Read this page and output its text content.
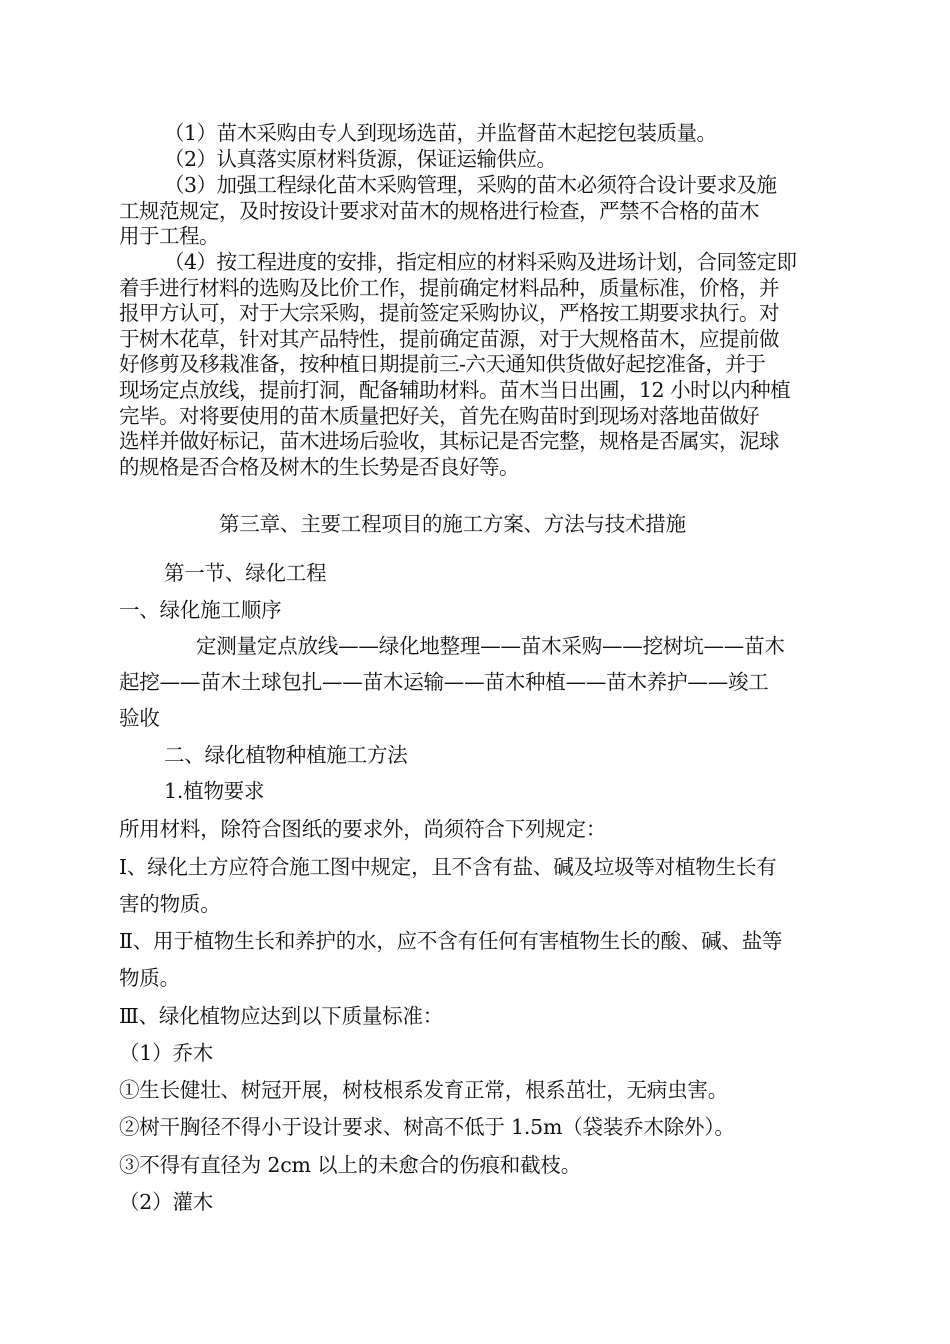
（1）苗木采购由专人到现场选苗，并监督苗木起挖包装质量。
（2）认真落实原材料货源，保证运输供应。
（3）加强工程绿化苗木采购管理，采购的苗木必须符合设计要求及施
工规范规定，及时按设计要求对苗木的规格进行检查，严禁不合格的苗木
用于工程。
（4）按工程进度的安排，指定相应的材料采购及进场计划，合同签定即
着手进行材料的选购及比价工作，提前确定材料品种，质量标准，价格，并
报甲方认可，对于大宗采购，提前签定采购协议，严格按工期要求执行。对
于树木花草，针对其产品特性，提前确定苗源，对于大规格苗木，应提前做
好修剪及移栽准备，按种植日期提前三-六天通知供货做好起挖准备，并于
现场定点放线，提前打洞，配备辅助材料。苗木当日出圃，12 小时以内种植
完毕。对将要使用的苗木质量把好关，首先在购苗时到现场对落地苗做好
选样并做好标记，苗木进场后验收，其标记是否完整，规格是否属实，泥球
的规格是否合格及树木的生长势是否良好等。
第三章、主要工程项目的施工方案、方法与技术措施
第一节、绿化工程
一、绿化施工顺序
定测量定点放线——绿化地整理——苗木采购——挖树坑——苗木
起挖——苗木土球包扎——苗木运输——苗木种植——苗木养护——竣工
验收
二、绿化植物种植施工方法
1.植物要求
所用材料，除符合图纸的要求外，尚须符合下列规定：
Ⅰ、绿化土方应符合施工图中规定，且不含有盐、碱及垃圾等对植物生长有
害的物质。
Ⅱ、用于植物生长和养护的水，应不含有任何有害植物生长的酸、碱、盐等
物质。
Ⅲ、绿化植物应达到以下质量标准：
（1）乔木
①生长健壮、树冠开展，树枝根系发育正常，根系茁壮，无病虫害。
②树干胸径不得小于设计要求、树高不低于 1.5m（袋装乔木除外）。
③不得有直径为 2cm 以上的未愈合的伤痕和截枝。
（2）灌木
